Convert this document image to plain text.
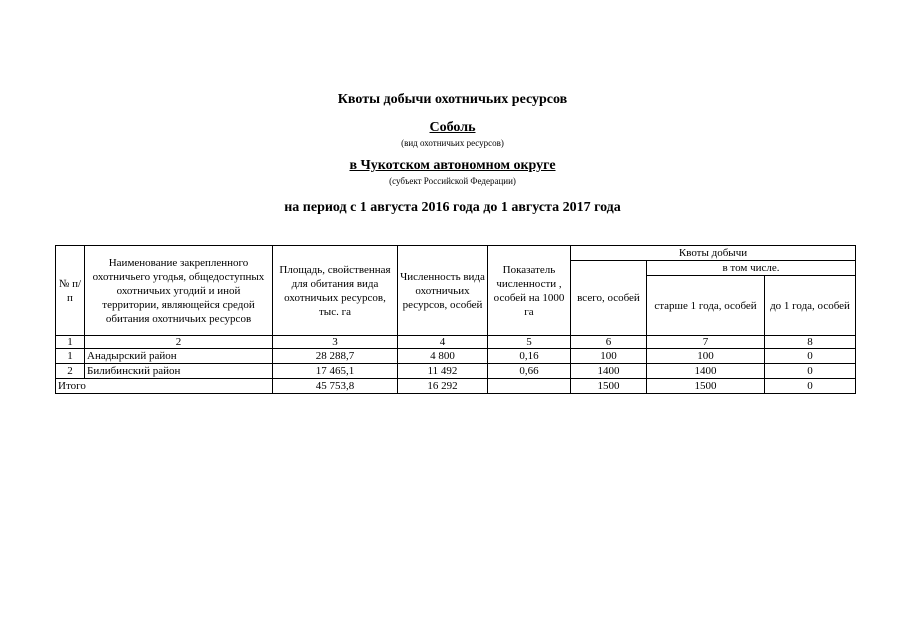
Квоты добычи охотничьих ресурсов
Соболь
(вид охотничьих ресурсов)
в Чукотском автономном округе
(субъект Российской Федерации)
на период с 1 августа 2016 года до 1 августа 2017 года
№ п/п	Наименование закрепленного охотничьего угодья, общедоступных охотничьих угодий и иной территории, являющейся средой обитания охотничьих ресурсов	Площадь, свойственная для обитания вида охотничьих ресурсов, тыс. га	Численность вида охотничьих ресурсов, особей	Показатель численности , особей на 1000 га	Квоты добычи		
					всего, особей	в том числе.	
						старше 1 года, особей	до 1 года, особей
1	2	3	4	5	6	7	8
1	Анадырский район	28 288,7	4 800	0,16	100	100	0
2	Билибинский район	17 465,1	11 492	0,66	1400	1400	0
Итого		45 753,8	16 292		1500	1500	0
